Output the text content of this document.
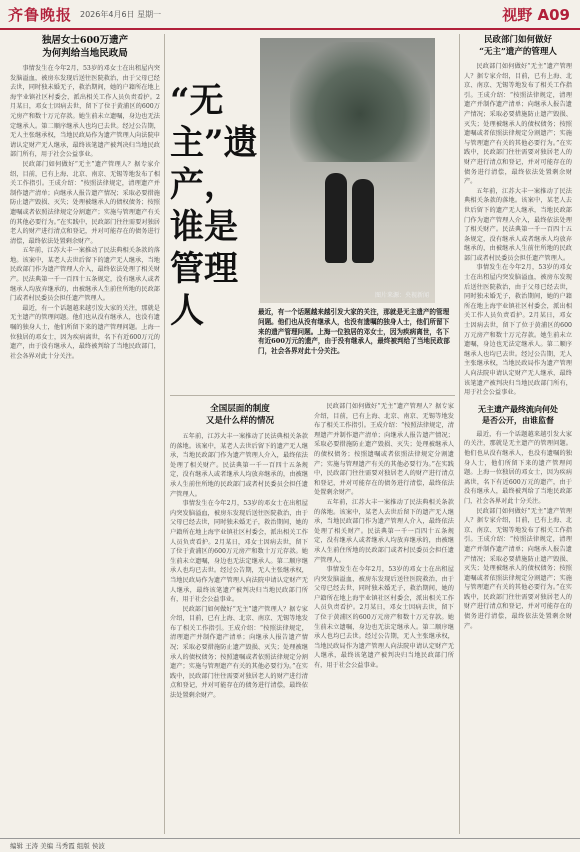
齐鲁晚报 2026年4月6日 星期一	视野 A09
独居女士600万遗产
为何判给当地民政局

事情发生在今年2月，53岁的邓女士在出租屋内突发脑溢血，被房东发现后送往医院救治，由于父母已经去世，同时独未婚无子，救治期间，她的户籍所在地上海宇业镇社区村委会，派出相关工作人员负责看护。2月某日，邓女士因病去世，留下了位于黄浦区的600万元房产和数十万元存款。她生前未立遗嘱，身边也无法定继承人。第二顺序继承人也均已去世。经过公告期，无人主张继承权，当地民政局作为遗产管理人向法院申请认定财产无人继承，最终该笔遗产被判决归当地民政部门所有，用于社会公益事业。

民政部门如何做好“无主”遗产管理人？据专家介绍，目前，已有上海、北京、南京、无锡等地发布了相关工作指引。王成介绍：“按照法律规定，清理遗产并制作遗产清单；向继承人报告遗产情况；采取必要措施防止遗产毁损、灭失；处理被继承人的债权债务；按照遗嘱或者依照法律规定分割遗产；实施与管理遗产有关的其他必要行为。”在实践中，民政部门往往需要对独居老人的财产进行清点和登记，并对可能存在的债务进行清偿，最终依法处置剩余财产。

五年前，江苏大丰一案推动了民法典相关条款的落地。该案中，某老人去世后留下的遗产无人继承，当地民政部门作为遗产管理人介入，最终依法处理了相关财产。民法典第一千一百四十五条规定，没有继承人或者继承人均放弃继承的，由被继承人生前住所地的民政部门或者村民委员会担任遗产管理人。

最近，有一个话题越来越引发大家的关注，那就是无主遗产的管理问题。他们也从没有继承人，也没有遗嘱的独身人士，他们所留下来的遗产管理问题。上海一位独居的邓女士，因为疾病离世，名下有近600万元的遗产，由于没有继承人，最终被判给了当地民政部门，社会各界对此十分关注。

“无主”遗产，谁是管理人	图片来源：央视新闻
最近，有一个话题越来越引发大家的关注，那就是无主遗产的管理问题。他们也从没有继承人，也没有遗嘱的独身人士，他们所留下来的遗产管理问题。上海一位独居的邓女士，因为疾病离世，名下有近600万元的遗产，由于没有继承人，最终被判给了当地民政部门，社会各界对此十分关注。
全国层面的制度
又是什么样的情况

五年前，江苏大丰一案推动了民法典相关条款的落地。该案中，某老人去世后留下的遗产无人继承，当地民政部门作为遗产管理人介入，最终依法处理了相关财产。民法典第一千一百四十五条规定，没有继承人或者继承人均放弃继承的，由被继承人生前住所地的民政部门或者村民委员会担任遗产管理人。

事情发生在今年2月，53岁的邓女士在出租屋内突发脑溢血，被房东发现后送往医院救治，由于父母已经去世，同时独未婚无子，救治期间，她的户籍所在地上海宇业镇社区村委会，派出相关工作人员负责看护。2月某日，邓女士因病去世，留下了位于黄浦区的600万元房产和数十万元存款。她生前未立遗嘱，身边也无法定继承人。第二顺序继承人也均已去世。经过公告期，无人主张继承权，当地民政局作为遗产管理人向法院申请认定财产无人继承，最终该笔遗产被判决归当地民政部门所有，用于社会公益事业。

民政部门如何做好“无主”遗产管理人？据专家介绍，目前，已有上海、北京、南京、无锡等地发布了相关工作指引。王成介绍：“按照法律规定，清理遗产并制作遗产清单；向继承人报告遗产情况；采取必要措施防止遗产毁损、灭失；处理被继承人的债权债务；按照遗嘱或者依照法律规定分割遗产；实施与管理遗产有关的其他必要行为。”在实践中，民政部门往往需要对独居老人的财产进行清点和登记，并对可能存在的债务进行清偿，最终依法处置剩余财产。

民政部门如何做好“无主”遗产管理人？据专家介绍，目前，已有上海、北京、南京、无锡等地发布了相关工作指引。王成介绍：“按照法律规定，清理遗产并制作遗产清单；向继承人报告遗产情况；采取必要措施防止遗产毁损、灭失；处理被继承人的债权债务；按照遗嘱或者依照法律规定分割遗产；实施与管理遗产有关的其他必要行为。”在实践中，民政部门往往需要对独居老人的财产进行清点和登记，并对可能存在的债务进行清偿，最终依法处置剩余财产。

五年前，江苏大丰一案推动了民法典相关条款的落地。该案中，某老人去世后留下的遗产无人继承，当地民政部门作为遗产管理人介入，最终依法处理了相关财产。民法典第一千一百四十五条规定，没有继承人或者继承人均放弃继承的，由被继承人生前住所地的民政部门或者村民委员会担任遗产管理人。

事情发生在今年2月，53岁的邓女士在出租屋内突发脑溢血，被房东发现后送往医院救治，由于父母已经去世，同时独未婚无子，救治期间，她的户籍所在地上海宇业镇社区村委会，派出相关工作人员负责看护。2月某日，邓女士因病去世，留下了位于黄浦区的600万元房产和数十万元存款。她生前未立遗嘱，身边也无法定继承人。第二顺序继承人也均已去世。经过公告期，无人主张继承权，当地民政局作为遗产管理人向法院申请认定财产无人继承，最终该笔遗产被判决归当地民政部门所有，用于社会公益事业。

民政部门如何做好
“无主”遗产的管理人

民政部门如何做好“无主”遗产管理人？据专家介绍，目前，已有上海、北京、南京、无锡等地发布了相关工作指引。王成介绍：“按照法律规定，清理遗产并制作遗产清单；向继承人报告遗产情况；采取必要措施防止遗产毁损、灭失；处理被继承人的债权债务；按照遗嘱或者依照法律规定分割遗产；实施与管理遗产有关的其他必要行为。”在实践中，民政部门往往需要对独居老人的财产进行清点和登记，并对可能存在的债务进行清偿，最终依法处置剩余财产。

五年前，江苏大丰一案推动了民法典相关条款的落地。该案中，某老人去世后留下的遗产无人继承，当地民政部门作为遗产管理人介入，最终依法处理了相关财产。民法典第一千一百四十五条规定，没有继承人或者继承人均放弃继承的，由被继承人生前住所地的民政部门或者村民委员会担任遗产管理人。

事情发生在今年2月，53岁的邓女士在出租屋内突发脑溢血，被房东发现后送往医院救治，由于父母已经去世，同时独未婚无子，救治期间，她的户籍所在地上海宇业镇社区村委会，派出相关工作人员负责看护。2月某日，邓女士因病去世，留下了位于黄浦区的600万元房产和数十万元存款。她生前未立遗嘱，身边也无法定继承人。第二顺序继承人也均已去世。经过公告期，无人主张继承权，当地民政局作为遗产管理人向法院申请认定财产无人继承，最终该笔遗产被判决归当地民政部门所有，用于社会公益事业。

无主遗产最终流向何处
是否公开，由谁监督

最近，有一个话题越来越引发大家的关注，那就是无主遗产的管理问题。他们也从没有继承人，也没有遗嘱的独身人士，他们所留下来的遗产管理问题。上海一位独居的邓女士，因为疾病离世，名下有近600万元的遗产，由于没有继承人，最终被判给了当地民政部门，社会各界对此十分关注。

民政部门如何做好“无主”遗产管理人？据专家介绍，目前，已有上海、北京、南京、无锡等地发布了相关工作指引。王成介绍：“按照法律规定，清理遗产并制作遗产清单；向继承人报告遗产情况；采取必要措施防止遗产毁损、灭失；处理被继承人的债权债务；按照遗嘱或者依照法律规定分割遗产；实施与管理遗产有关的其他必要行为。”在实践中，民政部门往往需要对独居老人的财产进行清点和登记，并对可能存在的债务进行清偿，最终依法处置剩余财产。

编辑 王涛 美编 马秀霞 组版 侯波
